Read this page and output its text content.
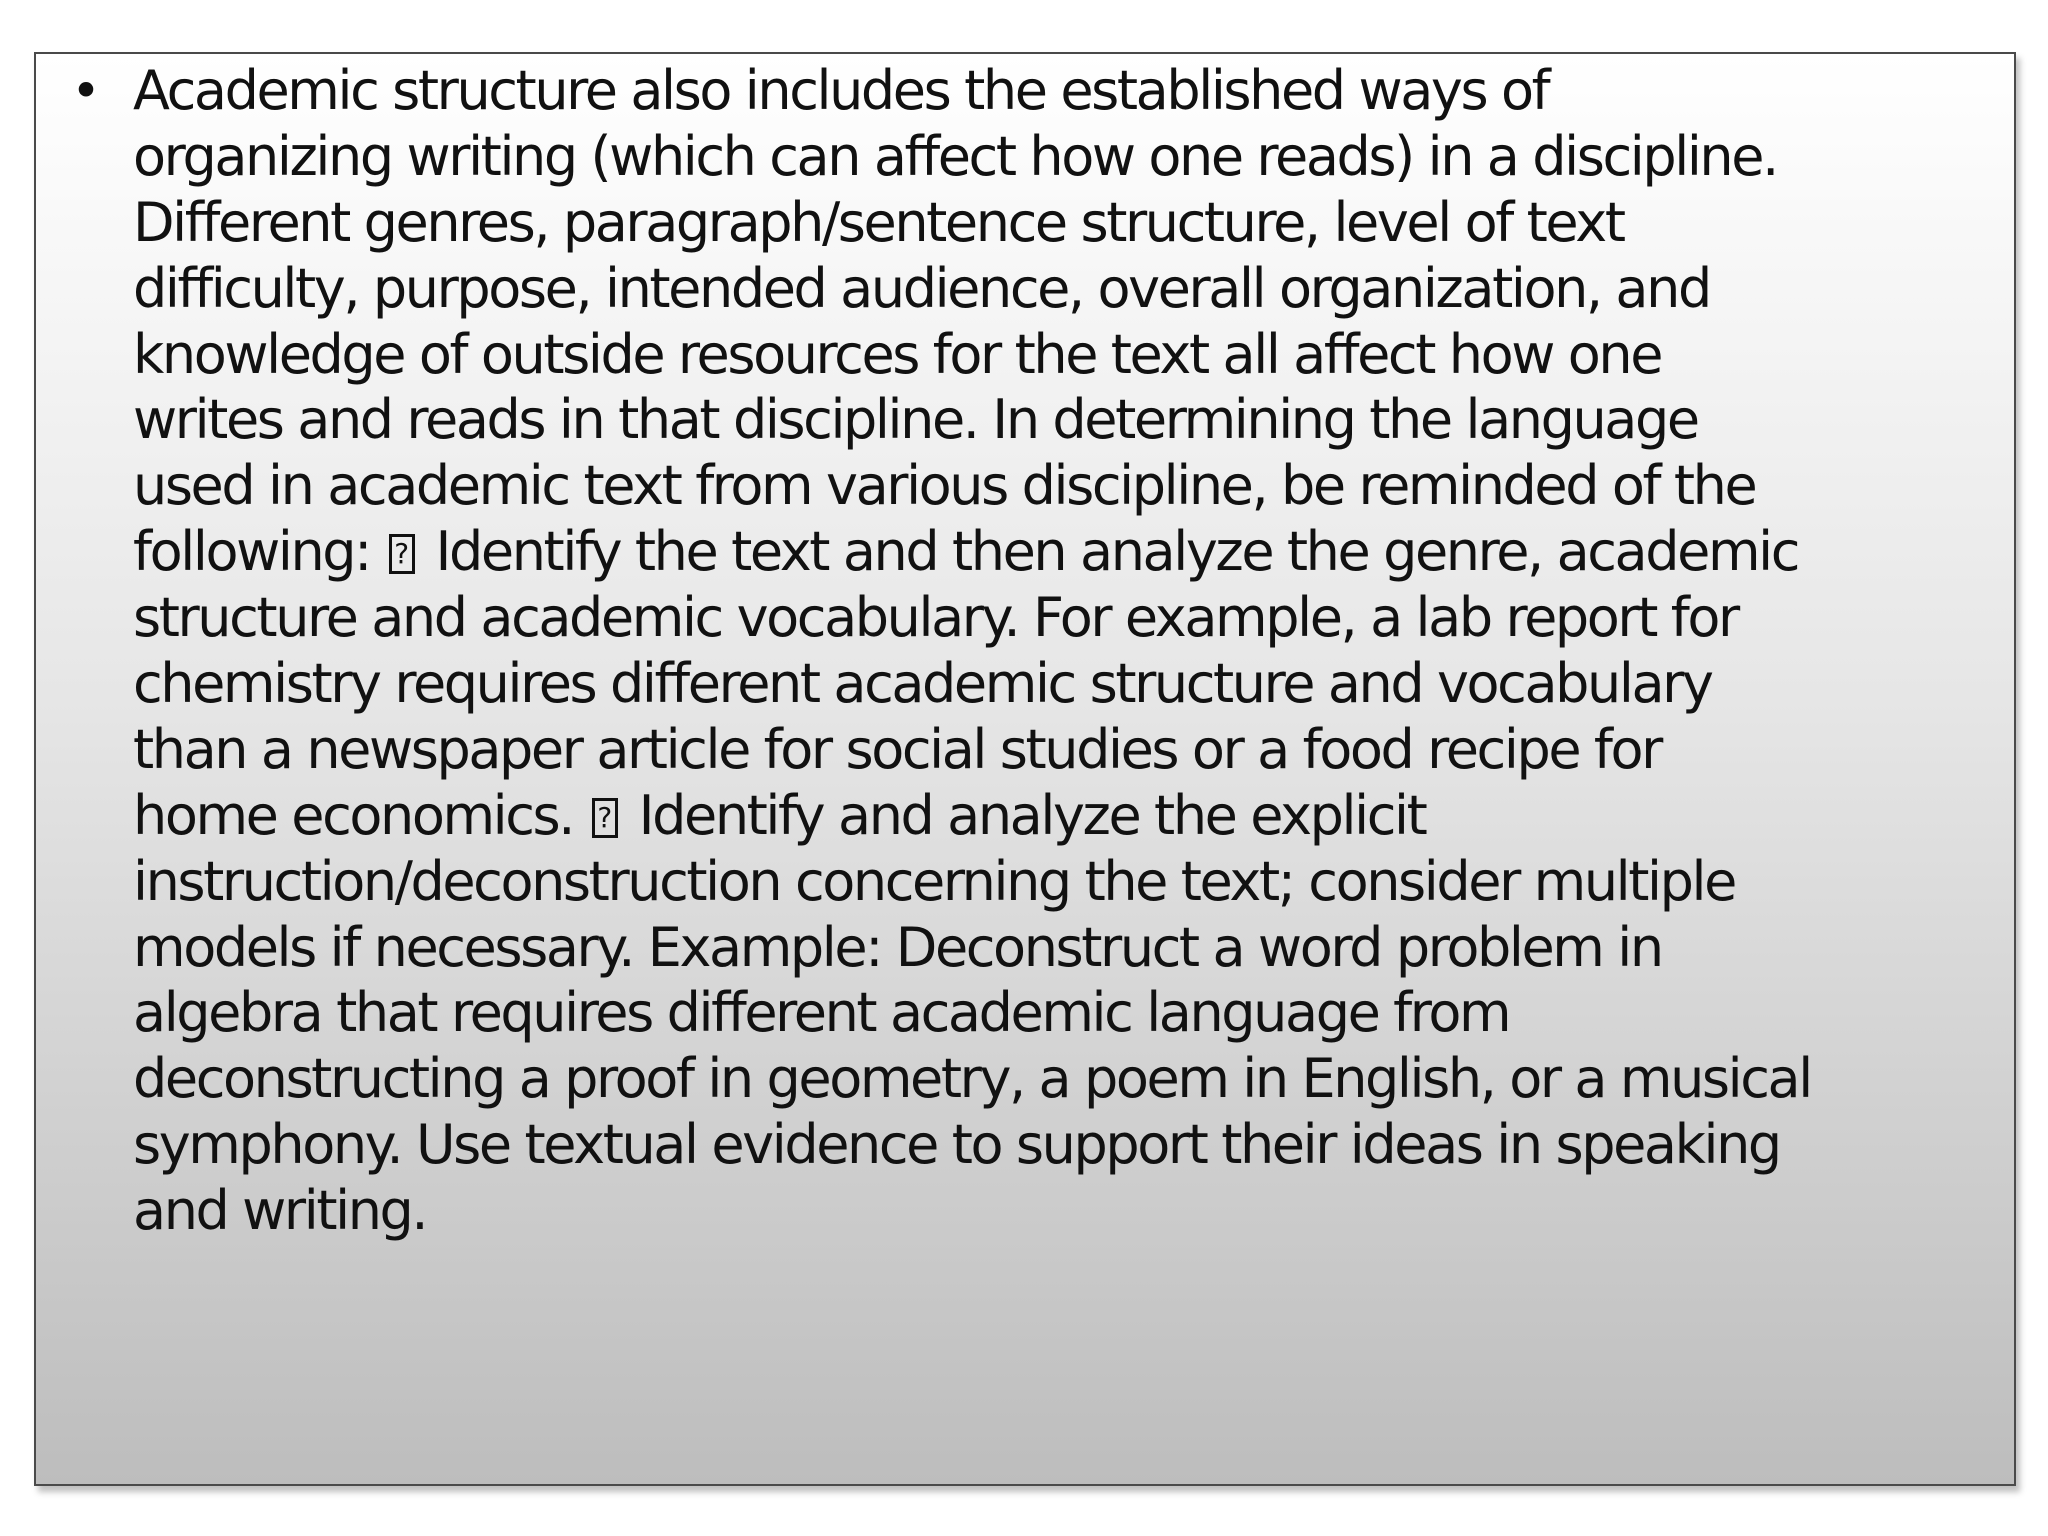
• Academic structure also includes the established ways of
organizing writing (which can affect how one reads) in a discipline.
Different genres, paragraph/sentence structure, level of text
difficulty, purpose, intended audience, overall organization, and
knowledge of outside resources for the text all affect how one
writes and reads in that discipline. In determining the language
used in academic text from various discipline, be reminded of the
following: ? Identify the text and then analyze the genre, academic
structure and academic vocabulary. For example, a lab report for
chemistry requires different academic structure and vocabulary
than a newspaper article for social studies or a food recipe for
home economics. ? Identify and analyze the explicit
instruction/deconstruction concerning the text; consider multiple
models if necessary. Example: Deconstruct a word problem in
algebra that requires different academic language from
deconstructing a proof in geometry, a poem in English, or a musical
symphony. Use textual evidence to support their ideas in speaking
and writing.
